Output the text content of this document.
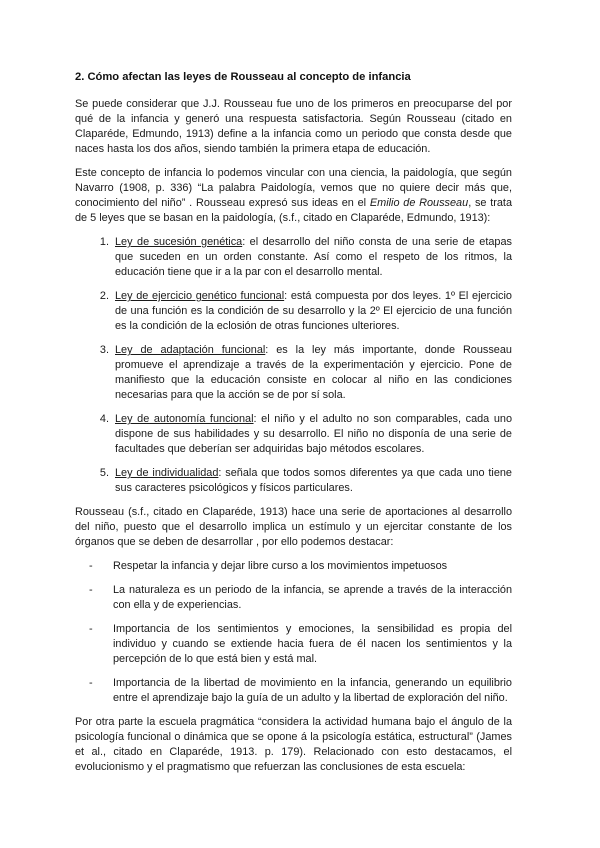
2. Cómo afectan las leyes de Rousseau al concepto de infancia

Se puede considerar que J.J. Rousseau fue uno de los primeros en preocuparse del por qué de la infancia y generó una respuesta satisfactoria. Según Rousseau (citado en Claparéde, Edmundo, 1913) define a la infancia como un periodo que consta desde que naces hasta los dos años, siendo también la primera etapa de educación.

Este concepto de infancia lo podemos vincular con una ciencia, la paidología, que según Navarro (1908, p. 336) “La palabra Paidología, vemos que no quiere decir más que, conocimiento del niño” . Rousseau expresó sus ideas en el Emilio de Rousseau, se trata de 5 leyes que se basan en la paidología, (s.f., citado en Claparéde, Edmundo, 1913):

1. Ley de sucesión genética: el desarrollo del niño consta de una serie de etapas que suceden en un orden constante. Así como el respeto de los ritmos, la educación tiene que ir a la par con el desarrollo mental.
2. Ley de ejercicio genético funcional: está compuesta por dos leyes. 1º El ejercicio de una función es la condición de su desarrollo y la 2º El ejercicio de una función es la condición de la eclosión de otras funciones ulteriores.
3. Ley de adaptación funcional: es la ley más importante, donde Rousseau promueve el aprendizaje a través de la experimentación y ejercicio. Pone de manifiesto que la educación consiste en colocar al niño en las condiciones necesarias para que la acción se de por sí sola.
4. Ley de autonomía funcional: el niño y el adulto no son comparables, cada uno dispone de sus habilidades y su desarrollo. El niño no disponía de una serie de facultades que deberían ser adquiridas bajo métodos escolares.
5. Ley de individualidad: señala que todos somos diferentes ya que cada uno tiene sus caracteres psicológicos y físicos particulares.

Rousseau (s.f., citado en Claparéde, 1913) hace una serie de aportaciones al desarrollo del niño, puesto que el desarrollo implica un estímulo y un ejercitar constante de los órganos que se deben de desarrollar , por ello podemos destacar:

- Respetar la infancia y dejar libre curso a los movimientos impetuosos
- La naturaleza es un periodo de la infancia, se aprende a través de la interacción con ella y de experiencias.
- Importancia de los sentimientos y emociones, la sensibilidad es propia del individuo y cuando se extiende hacia fuera de él nacen los sentimientos y la percepción de lo que está bien y está mal.
- Importancia de la libertad de movimiento en la infancia, generando un equilibrio entre el aprendizaje bajo la guía de un adulto y la libertad de exploración del niño.

Por otra parte la escuela pragmática “considera la actividad humana bajo el ángulo de la psicología funcional o dinámica que se opone á la psicología estática, estructural” (James et al., citado en Claparéde, 1913. p. 179). Relacionado con esto destacamos, el evolucionismo y el pragmatismo que refuerzan las conclusiones de esta escuela:
